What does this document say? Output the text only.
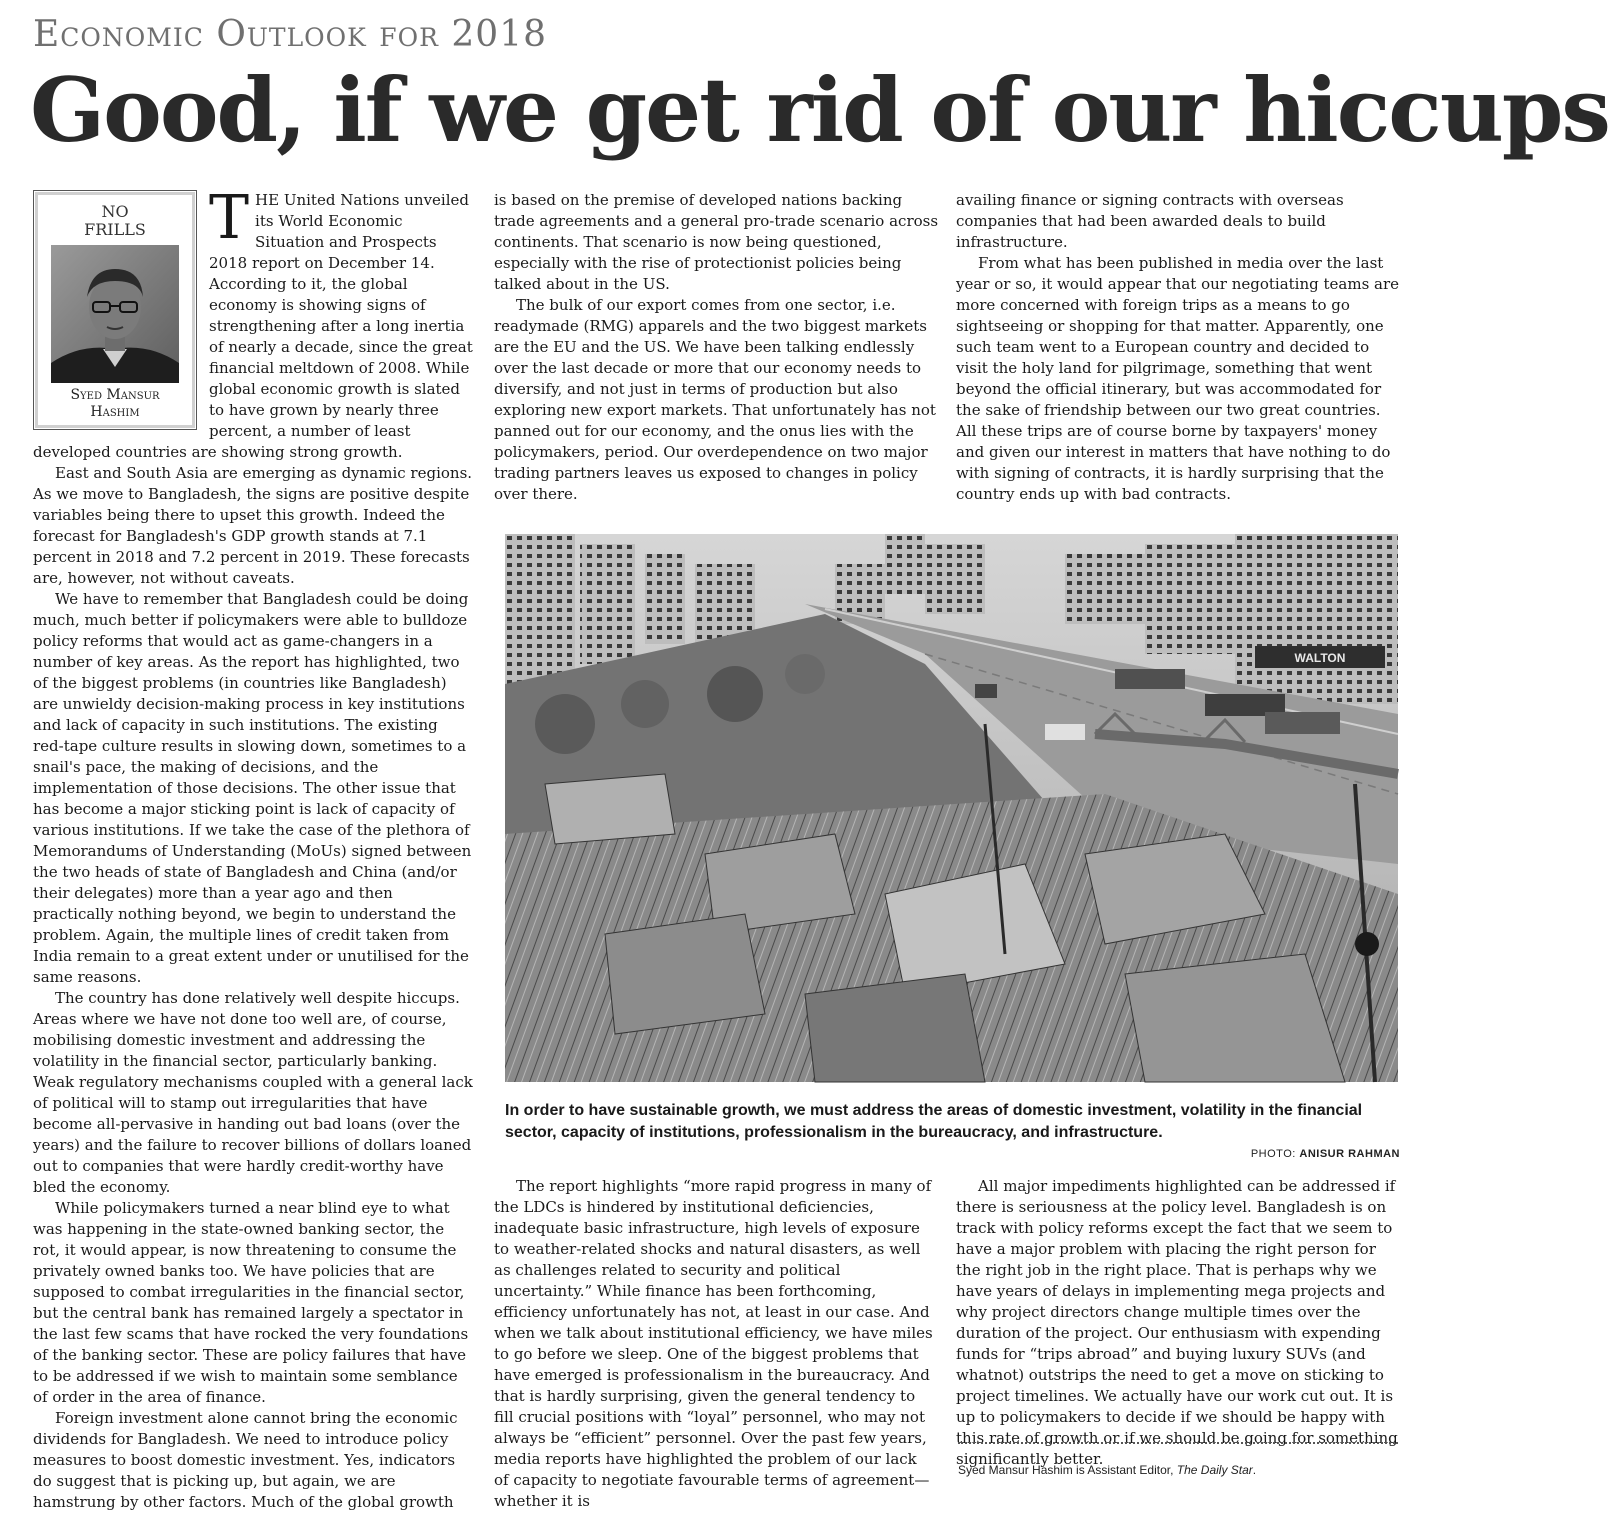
Economic Outlook for 2018
Good, if we get rid of our hiccups
NO
FRILLS
Syed Mansur
Hashim
T HE United Nations unveiled its World Economic Situation and Prospects 2018 report on December 14. According to it, the global economy is showing signs of strengthening after a long inertia of nearly a decade, since the great financial meltdown of 2008. While global economic growth is slated to have grown by nearly three percent, a number of least developed countries are showing strong growth.

East and South Asia are emerging as dynamic regions. As we move to Bangladesh, the signs are positive despite variables being there to upset this growth. Indeed the forecast for Bangladesh's GDP growth stands at 7.1 percent in 2018 and 7.2 percent in 2019. These forecasts are, however, not without caveats.

We have to remember that Bangladesh could be doing much, much better if policymakers were able to bulldoze policy reforms that would act as game-changers in a number of key areas. As the report has highlighted, two of the biggest problems (in countries like Bangladesh) are unwieldy decision-making process in key institutions and lack of capacity in such institutions. The existing red-tape culture results in slowing down, sometimes to a snail's pace, the making of decisions, and the implementation of those decisions. The other issue that has become a major sticking point is lack of capacity of various institutions. If we take the case of the plethora of Memorandums of Understanding (MoUs) signed between the two heads of state of Bangladesh and China (and/or their delegates) more than a year ago and then practically nothing beyond, we begin to understand the problem. Again, the multiple lines of credit taken from India remain to a great extent under or unutilised for the same reasons.

The country has done relatively well despite hiccups. Areas where we have not done too well are, of course, mobilising domestic investment and addressing the volatility in the financial sector, particularly banking. Weak regulatory mechanisms coupled with a general lack of political will to stamp out irregularities that have become all-pervasive in handing out bad loans (over the years) and the failure to recover billions of dollars loaned out to companies that were hardly credit-worthy have bled the economy.

While policymakers turned a near blind eye to what was happening in the state-owned banking sector, the rot, it would appear, is now threatening to consume the privately owned banks too. We have policies that are supposed to combat irregularities in the financial sector, but the central bank has remained largely a spectator in the last few scams that have rocked the very foundations of the banking sector. These are policy failures that have to be addressed if we wish to maintain some semblance of order in the area of finance.

Foreign investment alone cannot bring the economic dividends for Bangladesh. We need to introduce policy measures to boost domestic investment. Yes, indicators do suggest that is picking up, but again, we are hamstrung by other factors. Much of the global growth

is based on the premise of developed nations backing trade agreements and a general pro-trade scenario across continents. That scenario is now being questioned, especially with the rise of protectionist policies being talked about in the US.

The bulk of our export comes from one sector, i.e. readymade (RMG) apparels and the two biggest markets are the EU and the US. We have been talking endlessly over the last decade or more that our economy needs to diversify, and not just in terms of production but also exploring new export markets. That unfortunately has not panned out for our economy, and the onus lies with the policymakers, period. Our overdependence on two major trading partners leaves us exposed to changes in policy over there.

availing finance or signing contracts with overseas companies that had been awarded deals to build infrastructure.

From what has been published in media over the last year or so, it would appear that our negotiating teams are more concerned with foreign trips as a means to go sightseeing or shopping for that matter. Apparently, one such team went to a European country and decided to visit the holy land for pilgrimage, something that went beyond the official itinerary, but was accommodated for the sake of friendship between our two great countries. All these trips are of course borne by taxpayers' money and given our interest in matters that have nothing to do with signing of contracts, it is hardly surprising that the country ends up with bad contracts.

WALTON
In order to have sustainable growth, we must address the areas of domestic investment, volatility in the financial sector, capacity of institutions, professionalism in the bureaucracy, and infrastructure.
PHOTO: ANISUR RAHMAN

The report highlights “more rapid progress in many of the LDCs is hindered by institutional deficiencies, inadequate basic infrastructure, high levels of exposure to weather-related shocks and natural disasters, as well as challenges related to security and political uncertainty.” While finance has been forthcoming, efficiency unfortunately has not, at least in our case. And when we talk about institutional efficiency, we have miles to go before we sleep. One of the biggest problems that have emerged is professionalism in the bureaucracy. And that is hardly surprising, given the general tendency to fill crucial positions with “loyal” personnel, who may not always be “efficient” personnel. Over the past few years, media reports have highlighted the problem of our lack of capacity to negotiate favourable terms of agreement—whether it is

All major impediments highlighted can be addressed if there is seriousness at the policy level. Bangladesh is on track with policy reforms except the fact that we seem to have a major problem with placing the right person for the right job in the right place. That is perhaps why we have years of delays in implementing mega projects and why project directors change multiple times over the duration of the project. Our enthusiasm with expending funds for “trips abroad” and buying luxury SUVs (and whatnot) outstrips the need to get a move on sticking to project timelines. We actually have our work cut out. It is up to policymakers to decide if we should be happy with this rate of growth or if we should be going for something significantly better.

Syed Mansur Hashim is Assistant Editor, The Daily Star.
